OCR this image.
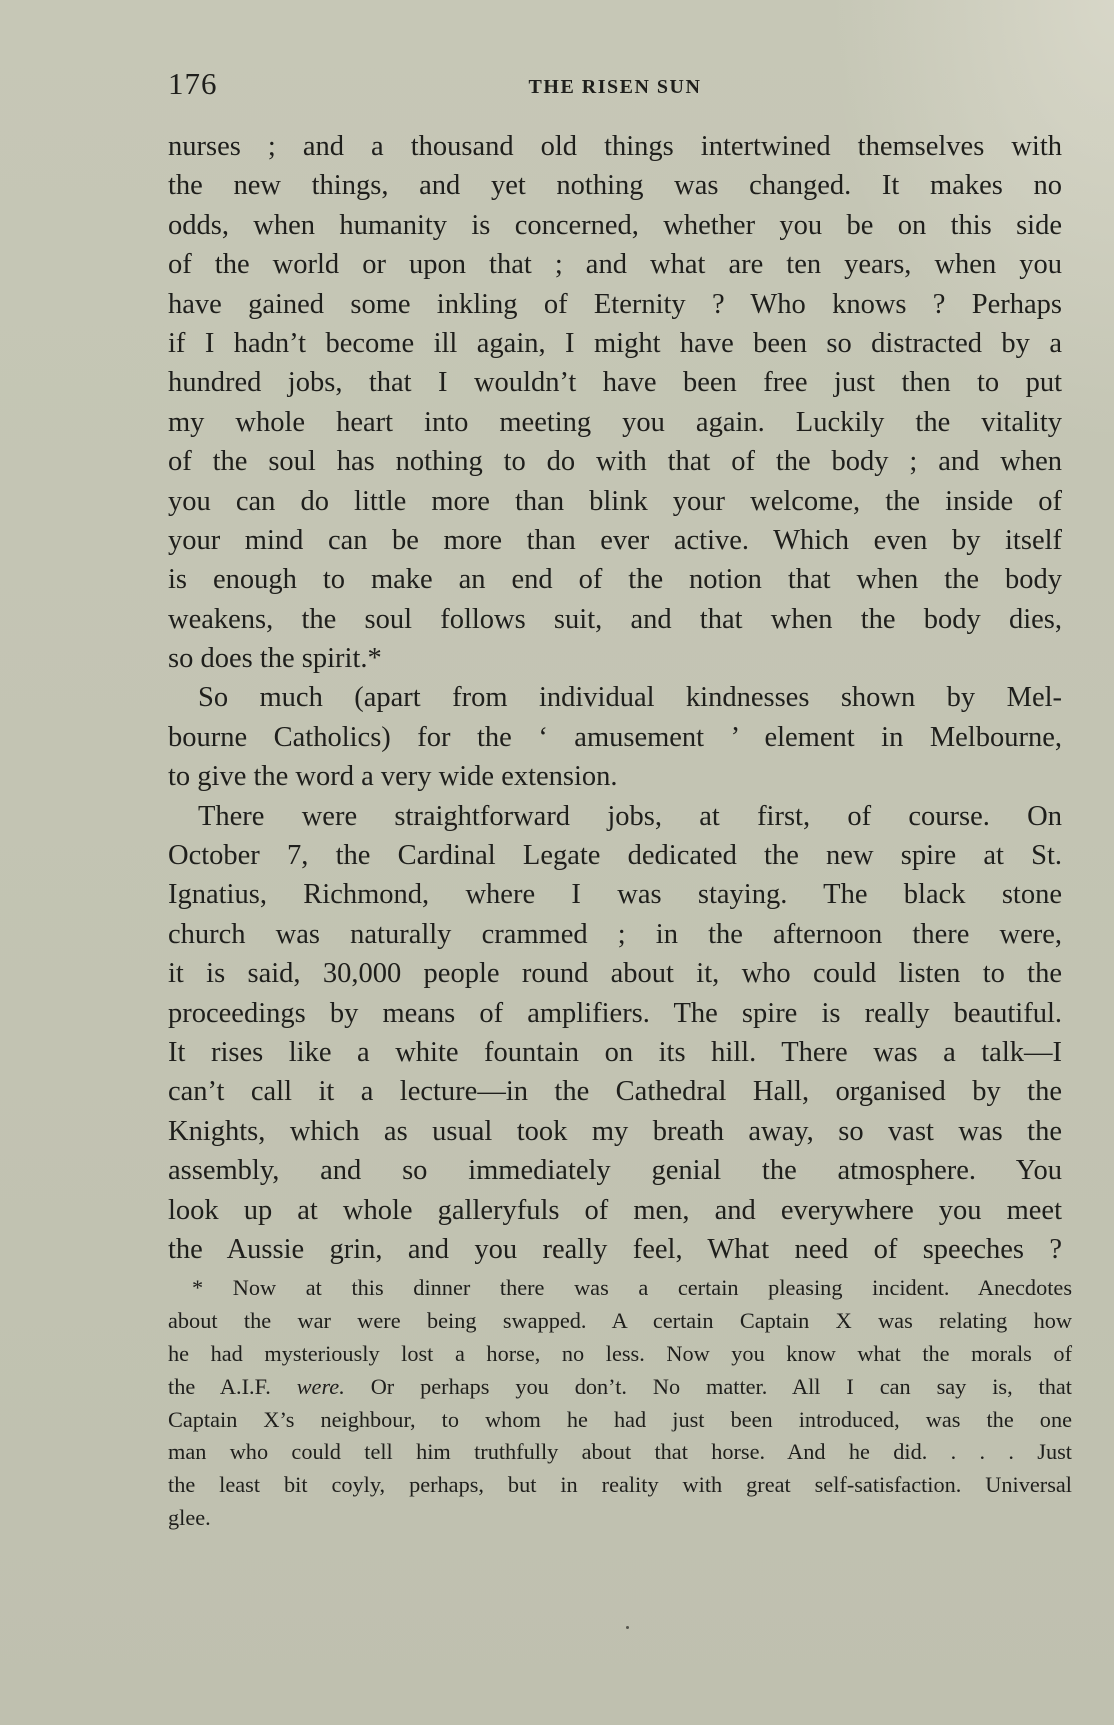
176	THE RISEN SUN
nurses ; and a thousand old things intertwined themselves with
the new things, and yet nothing was changed. It makes no
odds, when humanity is concerned, whether you be on this side
of the world or upon that ; and what are ten years, when you
have gained some inkling of Eternity ? Who knows ? Perhaps
if I hadn’t become ill again, I might have been so distracted by a
hundred jobs, that I wouldn’t have been free just then to put
my whole heart into meeting you again. Luckily the vitality
of the soul has nothing to do with that of the body ; and when
you can do little more than blink your welcome, the inside of
your mind can be more than ever active. Which even by itself
is enough to make an end of the notion that when the body
weakens, the soul follows suit, and that when the body dies,
so does the spirit.*
So much (apart from individual kindnesses shown by Mel-
bourne Catholics) for the ‘ amusement ’ element in Melbourne,
to give the word a very wide extension.
There were straightforward jobs, at first, of course. On
October 7, the Cardinal Legate dedicated the new spire at St.
Ignatius, Richmond, where I was staying. The black stone
church was naturally crammed ; in the afternoon there were,
it is said, 30,000 people round about it, who could listen to the
proceedings by means of amplifiers. The spire is really beautiful.
It rises like a white fountain on its hill. There was a talk—I
can’t call it a lecture—in the Cathedral Hall, organised by the
Knights, which as usual took my breath away, so vast was the
assembly, and so immediately genial the atmosphere. You
look up at whole galleryfuls of men, and everywhere you meet
the Aussie grin, and you really feel, What need of speeches ?
* Now at this dinner there was a certain pleasing incident. Anecdotes
about the war were being swapped. A certain Captain X was relating how
he had mysteriously lost a horse, no less. Now you know what the morals of
the A.I.F. were. Or perhaps you don’t. No matter. All I can say is, that
Captain X’s neighbour, to whom he had just been introduced, was the one
man who could tell him truthfully about that horse. And he did. . . . Just
the least bit coyly, perhaps, but in reality with great self-satisfaction. Universal
glee.
